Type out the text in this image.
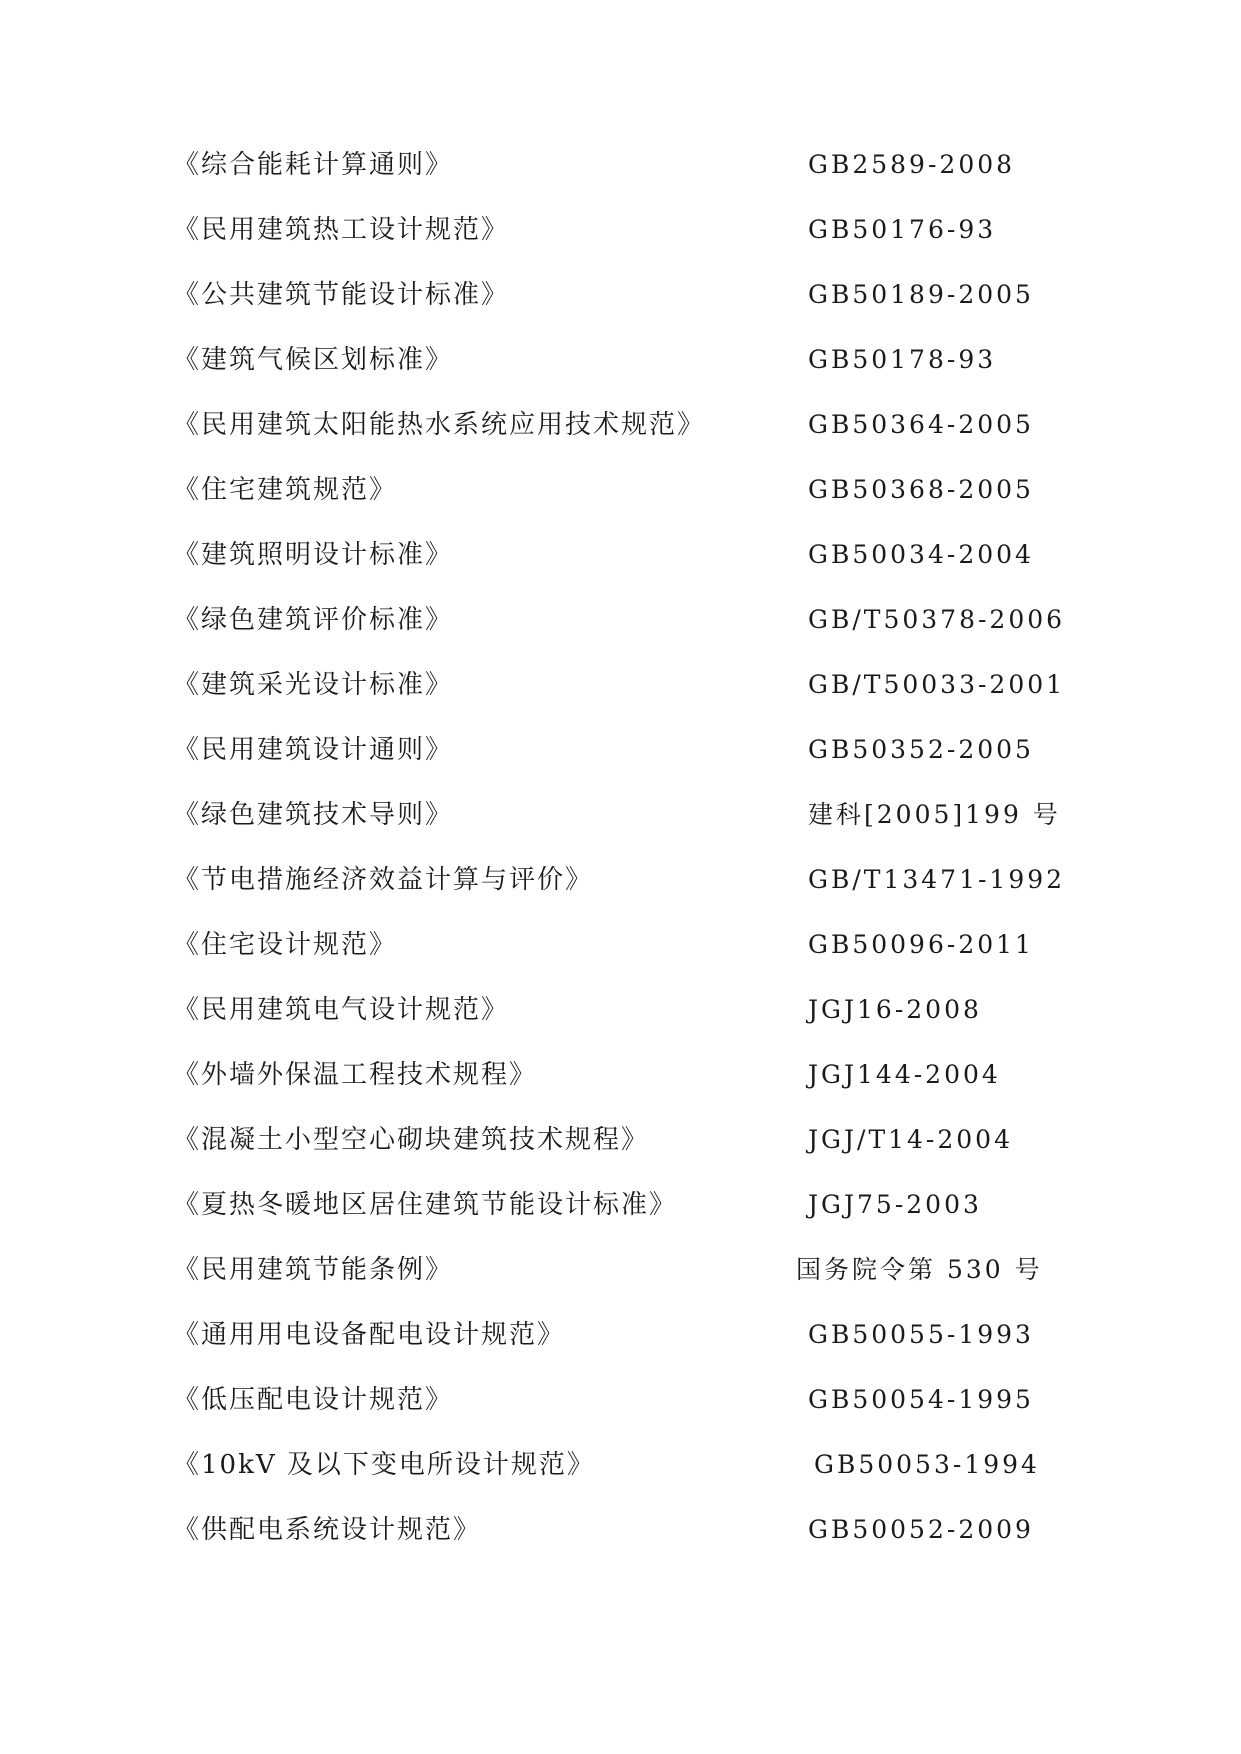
《综合能耗计算通则》	GB2589-2008
《民用建筑热工设计规范》	GB50176-93
《公共建筑节能设计标准》	GB50189-2005
《建筑气候区划标准》	GB50178-93
《民用建筑太阳能热水系统应用技术规范》	GB50364-2005
《住宅建筑规范》	GB50368-2005
《建筑照明设计标准》	GB50034-2004
《绿色建筑评价标准》	GB/T50378-2006
《建筑采光设计标准》	GB/T50033-2001
《民用建筑设计通则》	GB50352-2005
《绿色建筑技术导则》	建科[2005]199 号
《节电措施经济效益计算与评价》	GB/T13471-1992
《住宅设计规范》	GB50096-2011
《民用建筑电气设计规范》	JGJ16-2008
《外墙外保温工程技术规程》	JGJ144-2004
《混凝土小型空心砌块建筑技术规程》	JGJ/T14-2004
《夏热冬暖地区居住建筑节能设计标准》	JGJ75-2003
《民用建筑节能条例》	国务院令第 530 号
《通用用电设备配电设计规范》	GB50055-1993
《低压配电设计规范》	GB50054-1995
《10kV 及以下变电所设计规范》	GB50053-1994
《供配电系统设计规范》	GB50052-2009
